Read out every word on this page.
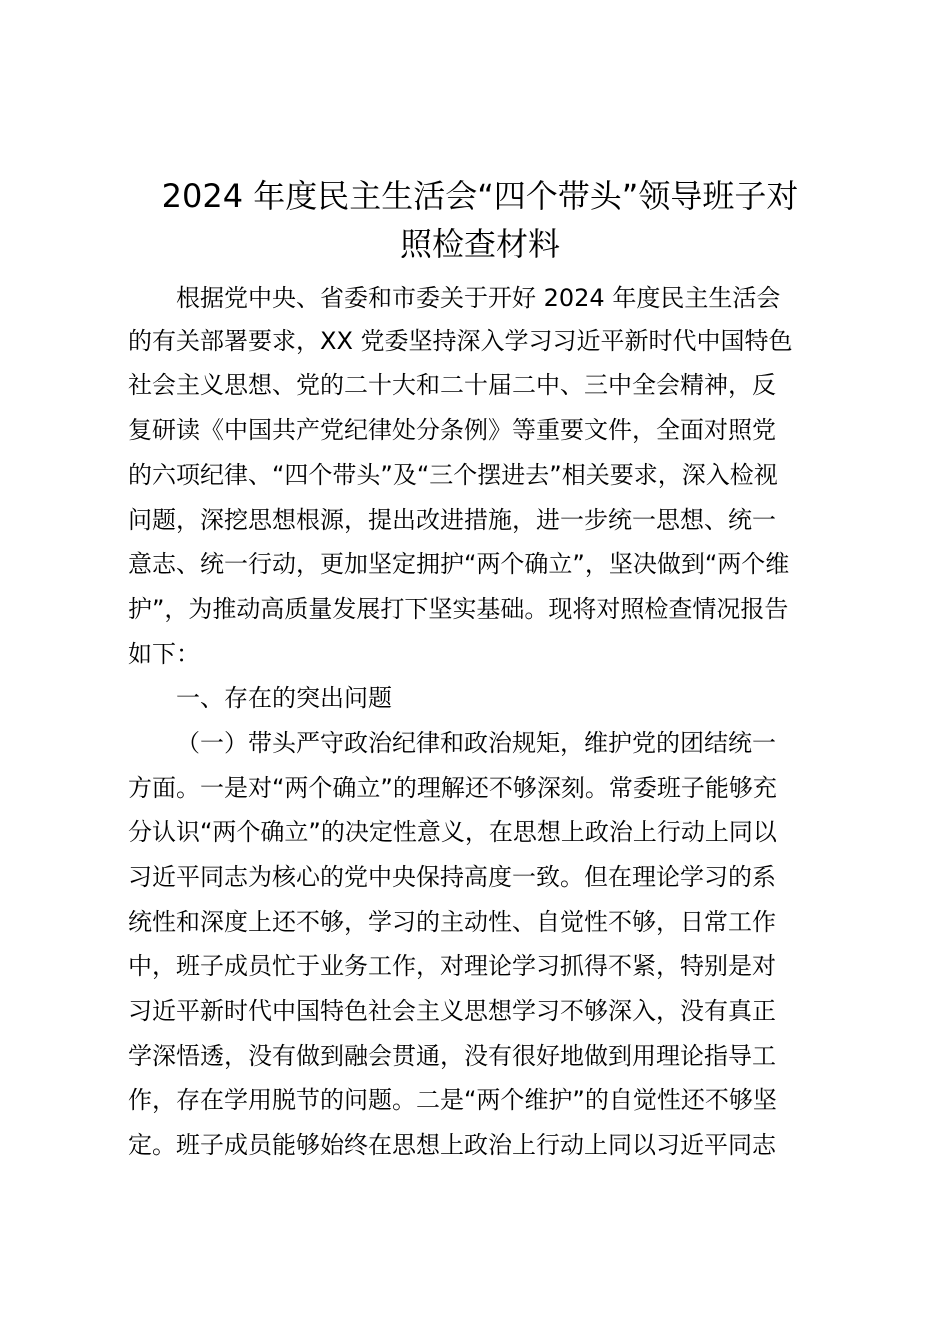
2024 年度民主生活会“四个带头”领导班子对
照检查材料
根据党中央、省委和市委关于开好 2024 年度民主生活会
的有关部署要求，XX 党委坚持深入学习习近平新时代中国特色
社会主义思想、党的二十大和二十届二中、三中全会精神，反
复研读《中国共产党纪律处分条例》等重要文件，全面对照党
的六项纪律、“四个带头”及“三个摆进去”相关要求，深入检视
问题，深挖思想根源，提出改进措施，进一步统一思想、统一
意志、统一行动，更加坚定拥护“两个确立”，坚决做到“两个维
护”，为推动高质量发展打下坚实基础。现将对照检查情况报告
如下：
一、存在的突出问题
（一）带头严守政治纪律和政治规矩，维护党的团结统一
方面。一是对“两个确立”的理解还不够深刻。常委班子能够充
分认识“两个确立”的决定性意义，在思想上政治上行动上同以
习近平同志为核心的党中央保持高度一致。但在理论学习的系
统性和深度上还不够，学习的主动性、自觉性不够，日常工作
中，班子成员忙于业务工作，对理论学习抓得不紧，特别是对
习近平新时代中国特色社会主义思想学习不够深入，没有真正
学深悟透，没有做到融会贯通，没有很好地做到用理论指导工
作，存在学用脱节的问题。二是“两个维护”的自觉性还不够坚
定。班子成员能够始终在思想上政治上行动上同以习近平同志
